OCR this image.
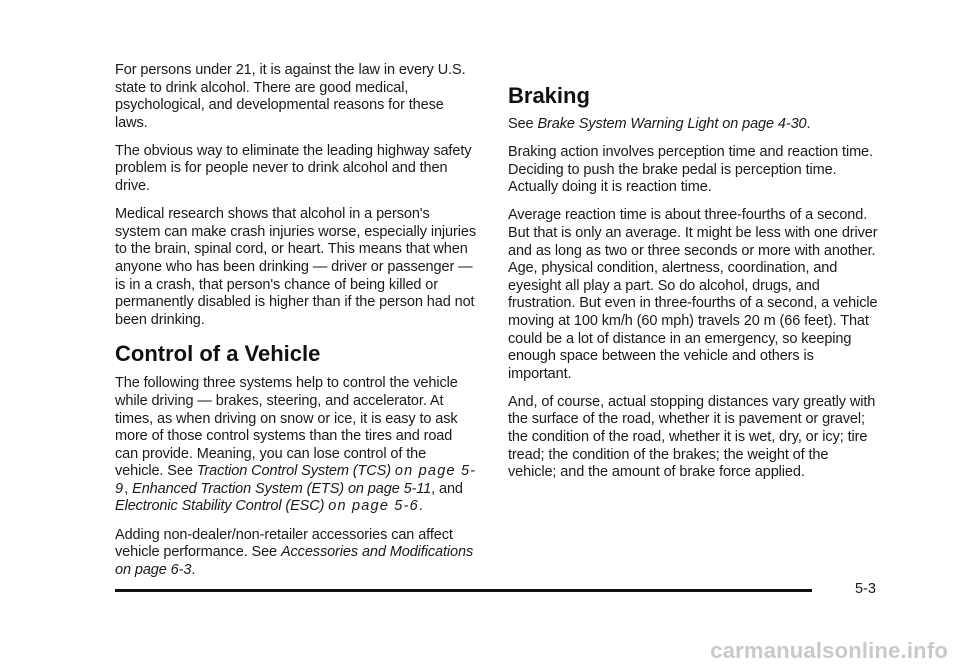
For persons under 21, it is against the law in every U.S. state to drink alcohol. There are good medical, psychological, and developmental reasons for these laws.

The obvious way to eliminate the leading highway safety problem is for people never to drink alcohol and then drive.

Medical research shows that alcohol in a person's system can make crash injuries worse, especially injuries to the brain, spinal cord, or heart. This means that when anyone who has been drinking — driver or passenger — is in a crash, that person's chance of being killed or permanently disabled is higher than if the person had not been drinking.

Control of a Vehicle

The following three systems help to control the vehicle while driving — brakes, steering, and accelerator. At times, as when driving on snow or ice, it is easy to ask more of those control systems than the tires and road can provide. Meaning, you can lose control of the vehicle. See Traction Control System (TCS) on page 5-9, Enhanced Traction System (ETS) on page 5-11, and Electronic Stability Control (ESC) on page 5-6.

Adding non-dealer/non-retailer accessories can affect vehicle performance. See Accessories and Modifications on page 6-3.

Braking

See Brake System Warning Light on page 4-30.

Braking action involves perception time and reaction time. Deciding to push the brake pedal is perception time. Actually doing it is reaction time.

Average reaction time is about three-fourths of a second. But that is only an average. It might be less with one driver and as long as two or three seconds or more with another. Age, physical condition, alertness, coordination, and eyesight all play a part. So do alcohol, drugs, and frustration. But even in three-fourths of a second, a vehicle moving at 100 km/h (60 mph) travels 20 m (66 feet). That could be a lot of distance in an emergency, so keeping enough space between the vehicle and others is important.

And, of course, actual stopping distances vary greatly with the surface of the road, whether it is pavement or gravel; the condition of the road, whether it is wet, dry, or icy; tire tread; the condition of the brakes; the weight of the vehicle; and the amount of brake force applied.

5-3
carmanualsonline.info
